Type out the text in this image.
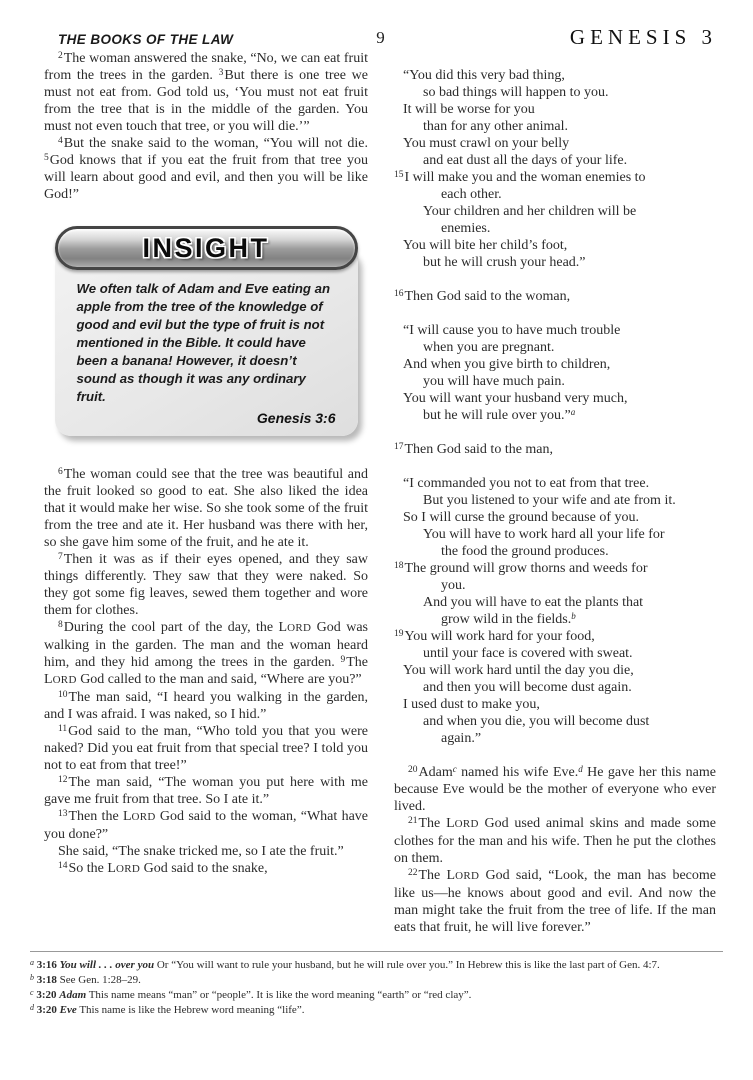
THE BOOKS OF THE LAW	9	GENESIS 3

$^2$The woman answered the snake, “No, we can eat fruit from the trees in the garden. $^3$But there is one tree we must not eat from. God told us, ‘You must not eat fruit from the tree that is in the middle of the garden. You must not even touch that tree, or you will die.’”

$^4$But the snake said to the woman, “You will not die. $^5$God knows that if you eat the fruit from that tree you will learn about good and evil, and then you will be like God!”

INSIGHT

We often talk of Adam and Eve eating an apple from the tree of the knowledge of good and evil but the type of fruit is not mentioned in the Bible. It could have been a banana! However, it doesn’t sound as though it was any ordinary fruit.

Genesis 3:6

$^6$The woman could see that the tree was beautiful and the fruit looked so good to eat. She also liked the idea that it would make her wise. So she took some of the fruit from the tree and ate it. Her husband was there with her, so she gave him some of the fruit, and he ate it.

$^7$Then it was as if their eyes opened, and they saw things differently. They saw that they were naked. So they got some fig leaves, sewed them together and wore them for clothes.

$^8$During the cool part of the day, the LORD God was walking in the garden. The man and the woman heard him, and they hid among the trees in the garden. $^9$The LORD God called to the man and said, “Where are you?”

$^{10}$The man said, “I heard you walking in the garden, and I was afraid. I was naked, so I hid.”

$^{11}$God said to the man, “Who told you that you were naked? Did you eat fruit from that special tree? I told you not to eat from that tree!”

$^{12}$The man said, “The woman you put here with me gave me fruit from that tree. So I ate it.”

$^{13}$Then the LORD God said to the woman, “What have you done?”

She said, “The snake tricked me, so I ate the fruit.”

$^{14}$So the LORD God said to the snake,

“You did this very bad thing,
so bad things will happen to you.
It will be worse for you
than for any other animal.
You must crawl on your belly
and eat dust all the days of your life.
$^{15}$I will make you and the woman enemies to
each other.
Your children and her children will be
enemies.
You will bite her child’s foot,
but he will crush your head.”

$^{16}$Then God said to the woman,

“I will cause you to have much trouble
when you are pregnant.
And when you give birth to children,
you will have much pain.
You will want your husband very much,
but he will rule over you.”$^a$

$^{17}$Then God said to the man,

“I commanded you not to eat from that tree.
But you listened to your wife and ate from it.
So I will curse the ground because of you.
You will have to work hard all your life for
the food the ground produces.
$^{18}$The ground will grow thorns and weeds for
you.
And you will have to eat the plants that
grow wild in the fields.$^b$
$^{19}$You will work hard for your food,
until your face is covered with sweat.
You will work hard until the day you die,
and then you will become dust again.
I used dust to make you,
and when you die, you will become dust
again.”

$^{20}$Adam$^c$ named his wife Eve.$^d$ He gave her this name because Eve would be the mother of everyone who ever lived.

$^{21}$The LORD God used animal skins and made some clothes for the man and his wife. Then he put the clothes on them.

$^{22}$The LORD God said, “Look, the man has become like us—he knows about good and evil. And now the man might take the fruit from the tree of life. If the man eats that fruit, he will live forever.”

$^a$ 3:16 You will . . . over you Or “You will want to rule your husband, but he will rule over you.” In Hebrew this is like the last part of Gen. 4:7.

$^b$ 3:18 See Gen. 1:28–29.

$^c$ 3:20 Adam This name means “man” or “people”. It is like the word meaning “earth” or “red clay”.

$^d$ 3:20 Eve This name is like the Hebrew word meaning “life”.
